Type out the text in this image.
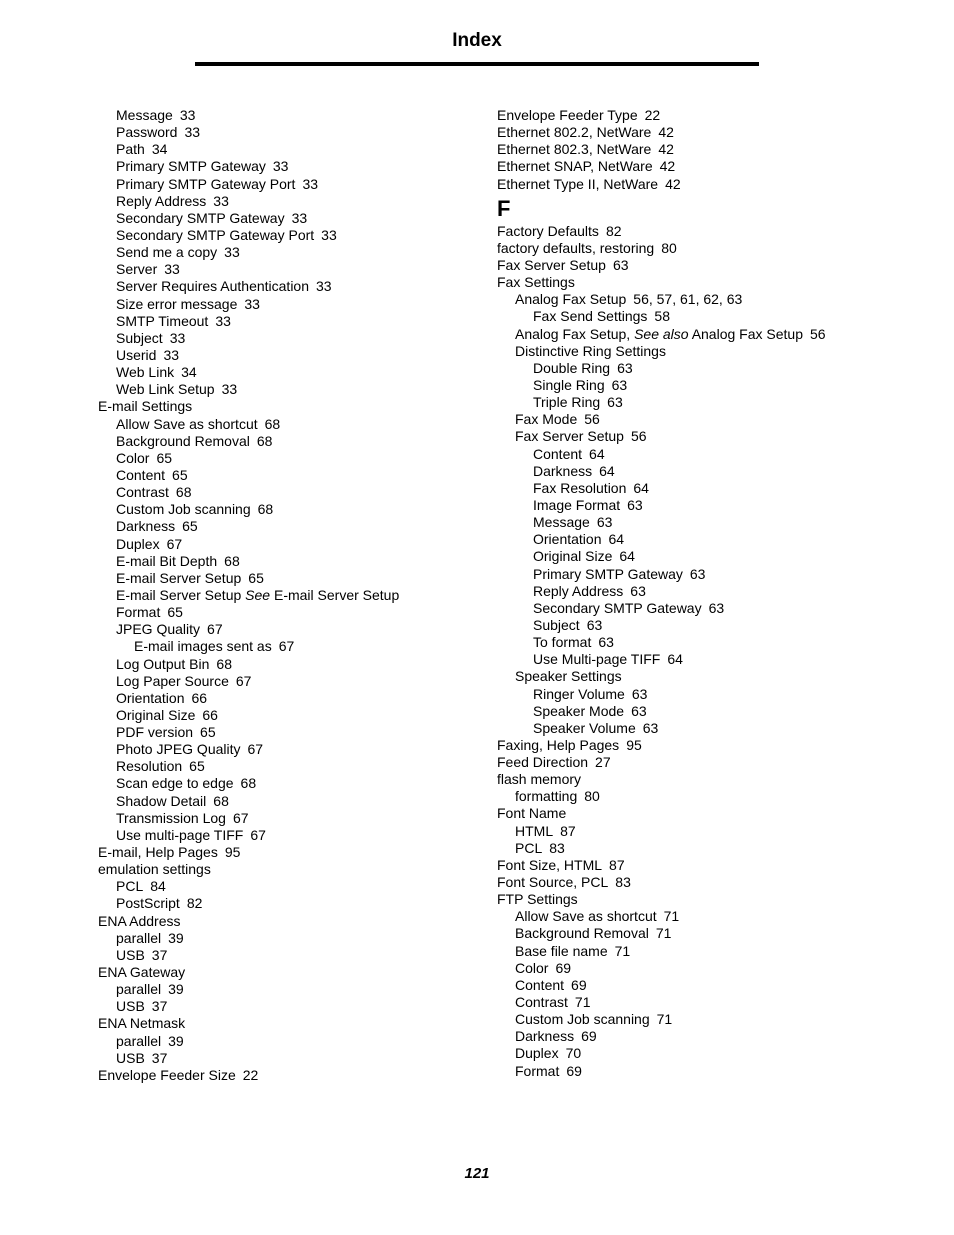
Index
Message 33
Password 33
Path 34
Primary SMTP Gateway 33
Primary SMTP Gateway Port 33
Reply Address 33
Secondary SMTP Gateway 33
Secondary SMTP Gateway Port 33
Send me a copy 33
Server 33
Server Requires Authentication 33
Size error message 33
SMTP Timeout 33
Subject 33
Userid 33
Web Link 34
Web Link Setup 33
E-mail Settings
Allow Save as shortcut 68
Background Removal 68
Color 65
Content 65
Contrast 68
Custom Job scanning 68
Darkness 65
Duplex 67
E-mail Bit Depth 68
E-mail Server Setup 65
E-mail Server Setup See E-mail Server Setup
Format 65
JPEG Quality 67
E-mail images sent as 67
Log Output Bin 68
Log Paper Source 67
Orientation 66
Original Size 66
PDF version 65
Photo JPEG Quality 67
Resolution 65
Scan edge to edge 68
Shadow Detail 68
Transmission Log 67
Use multi-page TIFF 67
E-mail, Help Pages 95
emulation settings
PCL 84
PostScript 82
ENA Address
parallel 39
USB 37
ENA Gateway
parallel 39
USB 37
ENA Netmask
parallel 39
USB 37
Envelope Feeder Size 22
Envelope Feeder Type 22
Ethernet 802.2, NetWare 42
Ethernet 802.3, NetWare 42
Ethernet SNAP, NetWare 42
Ethernet Type II, NetWare 42
F
Factory Defaults 82
factory defaults, restoring 80
Fax Server Setup 63
Fax Settings
Analog Fax Setup 56, 57, 61, 62, 63
Fax Send Settings 58
Analog Fax Setup, See also Analog Fax Setup 56
Distinctive Ring Settings
Double Ring 63
Single Ring 63
Triple Ring 63
Fax Mode 56
Fax Server Setup 56
Content 64
Darkness 64
Fax Resolution 64
Image Format 63
Message 63
Orientation 64
Original Size 64
Primary SMTP Gateway 63
Reply Address 63
Secondary SMTP Gateway 63
Subject 63
To format 63
Use Multi-page TIFF 64
Speaker Settings
Ringer Volume 63
Speaker Mode 63
Speaker Volume 63
Faxing, Help Pages 95
Feed Direction 27
flash memory
formatting 80
Font Name
HTML 87
PCL 83
Font Size, HTML 87
Font Source, PCL 83
FTP Settings
Allow Save as shortcut 71
Background Removal 71
Base file name 71
Color 69
Content 69
Contrast 71
Custom Job scanning 71
Darkness 69
Duplex 70
Format 69
121
